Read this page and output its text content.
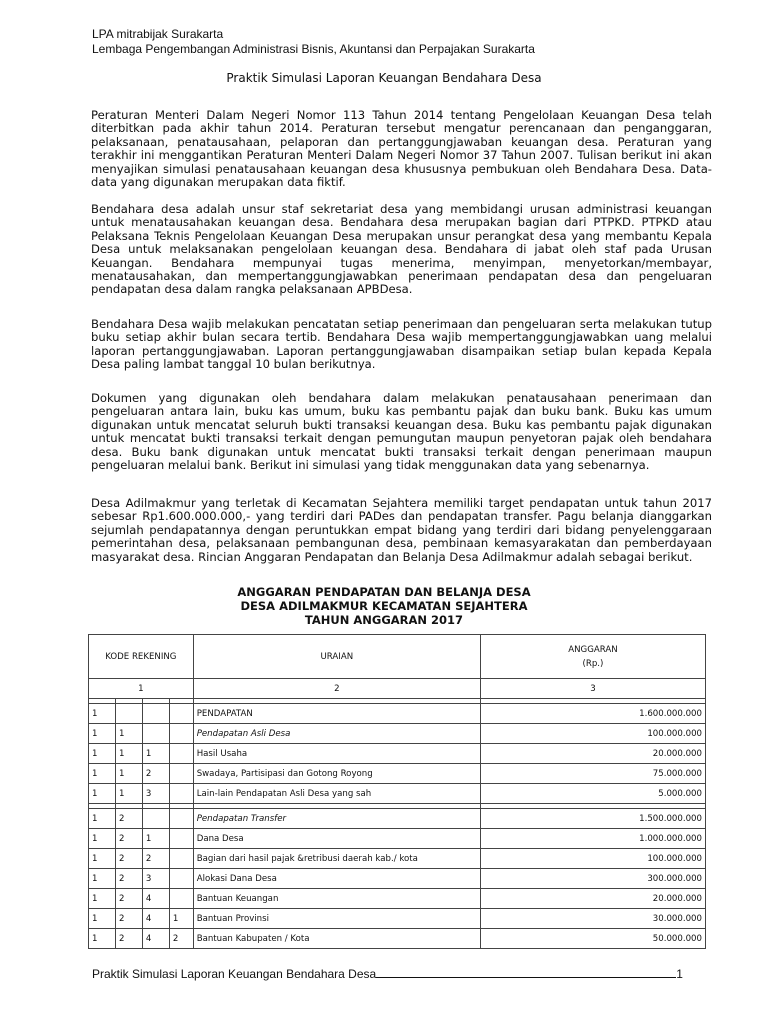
LPA mitrabijak Surakarta
Lembaga Pengembangan Administrasi Bisnis, Akuntansi dan Perpajakan Surakarta
Praktik Simulasi Laporan Keuangan Bendahara Desa

Peraturan Menteri Dalam Negeri Nomor 113 Tahun 2014 tentang Pengelolaan Keuangan Desa telah diterbitkan pada akhir tahun 2014. Peraturan tersebut mengatur perencanaan dan penganggaran, pelaksanaan, penatausahaan, pelaporan dan pertanggungjawaban keuangan desa. Peraturan yang terakhir ini menggantikan Peraturan Menteri Dalam Negeri Nomor 37 Tahun 2007. Tulisan berikut ini akan menyajikan simulasi penatausahaan keuangan desa khususnya pembukuan oleh Bendahara Desa. Data-data yang digunakan merupakan data fiktif.

Bendahara desa adalah unsur staf sekretariat desa yang membidangi urusan administrasi keuangan untuk menatausahakan keuangan desa. Bendahara desa merupakan bagian dari PTPKD. PTPKD atau Pelaksana Teknis Pengelolaan Keuangan Desa merupakan unsur perangkat desa yang membantu Kepala Desa untuk melaksanakan pengelolaan keuangan desa. Bendahara di jabat oleh staf pada Urusan Keuangan. Bendahara mempunyai tugas menerima, menyimpan, menyetorkan/membayar, menatausahakan, dan mempertanggungjawabkan penerimaan pendapatan desa dan pengeluaran pendapatan desa dalam rangka pelaksanaan APBDesa.

Bendahara Desa wajib melakukan pencatatan setiap penerimaan dan pengeluaran serta melakukan tutup buku setiap akhir bulan secara tertib. Bendahara Desa wajib mempertanggungjawabkan uang melalui laporan pertanggungjawaban. Laporan pertanggungjawaban disampaikan setiap bulan kepada Kepala Desa paling lambat tanggal 10 bulan berikutnya.

Dokumen yang digunakan oleh bendahara dalam melakukan penatausahaan penerimaan dan pengeluaran antara lain, buku kas umum, buku kas pembantu pajak dan buku bank. Buku kas umum digunakan untuk mencatat seluruh bukti transaksi keuangan desa. Buku kas pembantu pajak digunakan untuk mencatat bukti transaksi terkait dengan pemungutan maupun penyetoran pajak oleh bendahara desa. Buku bank digunakan untuk mencatat bukti transaksi terkait dengan penerimaan maupun pengeluaran melalui bank. Berikut ini simulasi yang tidak menggunakan data yang sebenarnya.

Desa Adilmakmur yang terletak di Kecamatan Sejahtera memiliki target pendapatan untuk tahun 2017 sebesar Rp1.600.000.000,- yang terdiri dari PADes dan pendapatan transfer. Pagu belanja dianggarkan sejumlah pendapatannya dengan peruntukkan empat bidang yang terdiri dari bidang penyelenggaraan pemerintahan desa, pelaksanaan pembangunan desa, pembinaan kemasyarakatan dan pemberdayaan masyarakat desa. Rincian Anggaran Pendapatan dan Belanja Desa Adilmakmur adalah sebagai berikut.

ANGGARAN PENDAPATAN DAN BELANJA DESA
DESA ADILMAKMUR KECAMATAN SEJAHTERA
TAHUN ANGGARAN 2017
KODE REKENING				URAIAN	ANGGARAN
(Rp.)

1				2	3

1				PENDAPATAN	1.600.000.000
1	1			Pendapatan Asli Desa	100.000.000
1	1	1		Hasil Usaha	20.000.000
1	1	2		Swadaya, Partisipasi dan Gotong Royong	75.000.000
1	1	3		Lain-lain Pendapatan Asli Desa yang sah	5.000.000

1	2			Pendapatan Transfer	1.500.000.000
1	2	1		Dana Desa	1.000.000.000
1	2	2		Bagian dari hasil pajak &retribusi daerah kab./ kota	100.000.000
1	2	3		Alokasi Dana Desa	300.000.000
1	2	4		Bantuan Keuangan	20.000.000
1	2	4	1	Bantuan Provinsi	30.000.000
1	2	4	2	Bantuan Kabupaten / Kota	50.000.000
Praktik Simulasi Laporan Keuangan Bendahara Desa	1
